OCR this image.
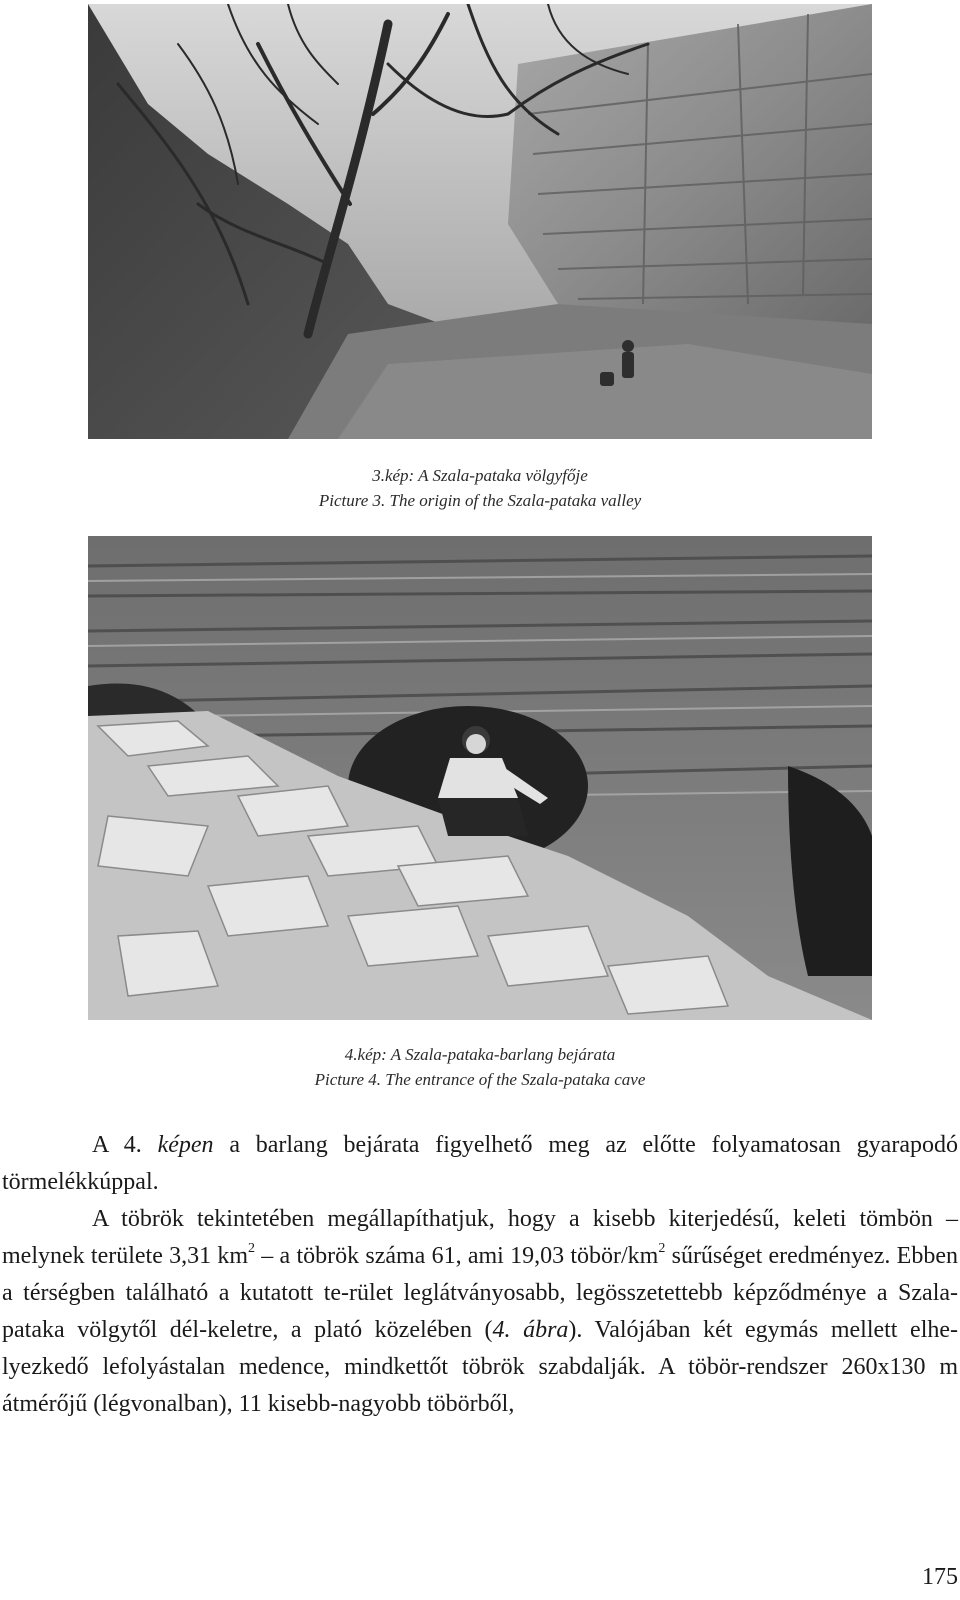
3.kép: A Szala-pataka völgyfője
Picture 3. The origin of the Szala-pataka valley
4.kép: A Szala-pataka-barlang bejárata
Picture 4. The entrance of the Szala-pataka cave

A 4. képen a barlang bejárata figyelhető meg az előtte folyamatosan gyarapodó törmelékkúppal.

A töbrök tekintetében megállapíthatjuk, hogy a kisebb kiterjedésű, keleti tömbön – melynek területe 3,31 $km^2$ – a töbrök száma 61, ami 19,03 töbör/$km^2$ sűrűséget eredményez. Ebben a térségben található a kutatott te-rület leglátványosabb, legösszetettebb képződménye a Szala-pataka völgytől dél-keletre, a plató közelében (4. ábra). Valójában két egymás mellett elhe-lyezkedő lefolyástalan medence, mindkettőt töbrök szabdalják. A töbör-rendszer 260x130 m átmérőjű (légvonalban), 11 kisebb-nagyobb töbörből,

175
